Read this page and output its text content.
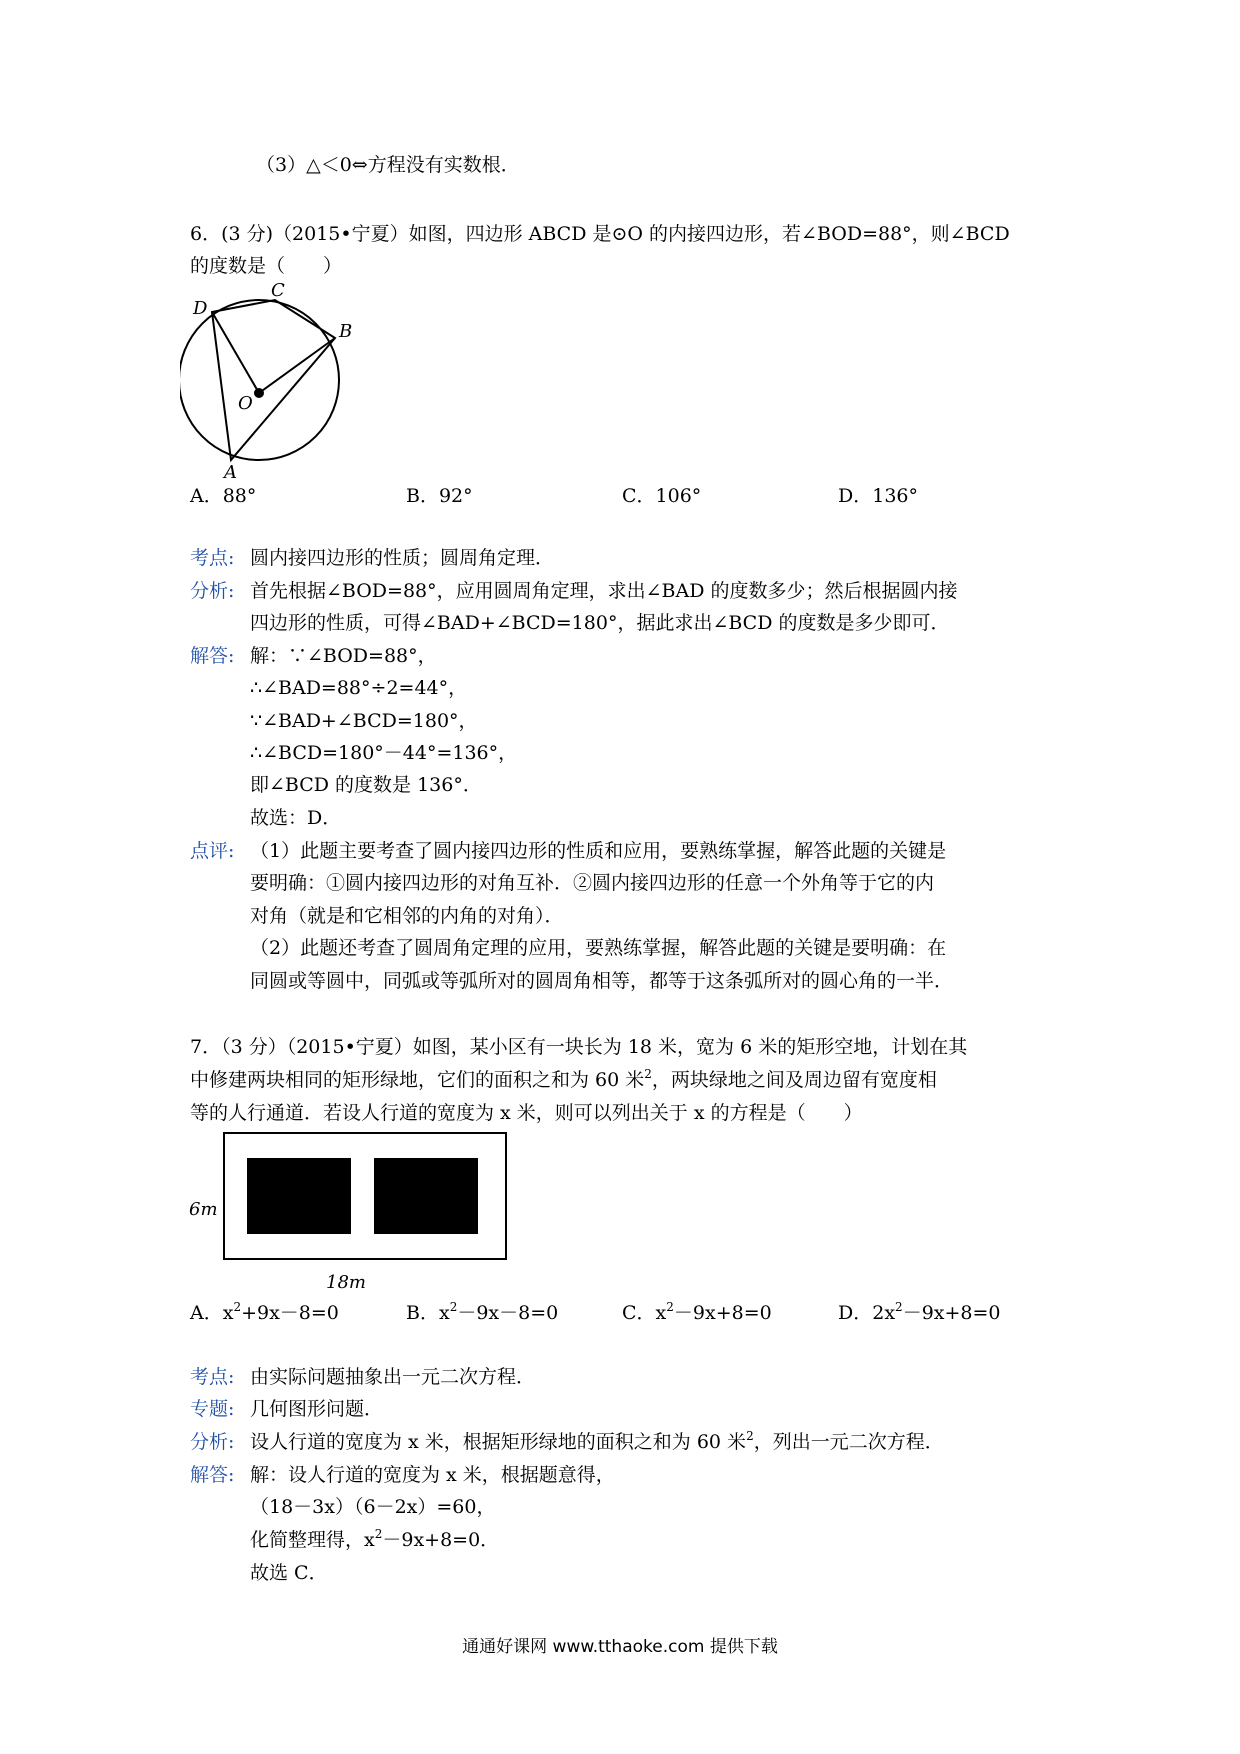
（3）△＜0⇔方程没有实数根．
6．(3 分)（2015•宁夏）如图，四边形 ABCD 是⊙O 的内接四边形，若∠BOD=88°，则∠BCD
的度数是（　　）
D
C
B
O
A
A．88°	B．92°	C．106°	D．136°
考点: 圆内接四边形的性质；圆周角定理．
分析: 首先根据∠BOD=88°，应用圆周角定理，求出∠BAD 的度数多少；然后根据圆内接
四边形的性质，可得∠BAD+∠BCD=180°，据此求出∠BCD 的度数是多少即可．
解答: 解：∵∠BOD=88°，
∴∠BAD=88°÷2=44°，
∵∠BAD+∠BCD=180°，
∴∠BCD=180°－44°=136°，
即∠BCD 的度数是 136°．
故选：D．
点评: （1）此题主要考查了圆内接四边形的性质和应用，要熟练掌握，解答此题的关键是
要明确：①圆内接四边形的对角互补．②圆内接四边形的任意一个外角等于它的内
对角（就是和它相邻的内角的对角）．
（2）此题还考查了圆周角定理的应用，要熟练掌握，解答此题的关键是要明确：在
同圆或等圆中，同弧或等弧所对的圆周角相等，都等于这条弧所对的圆心角的一半．
7．（3 分）（2015•宁夏）如图，某小区有一块长为 18 米，宽为 6 米的矩形空地，计划在其
中修建两块相同的矩形绿地，它们的面积之和为 60 米$^2$，两块绿地之间及周边留有宽度相
等的人行通道．若设人行道的宽度为 x 米，则可以列出关于 x 的方程是（　　）
6m
18m
A．$x^2+9x-8=0$	B．$x^2-9x-8=0$	C．$x^2-9x+8=0$	D．$2x^2-9x+8=0$
考点: 由实际问题抽象出一元二次方程．
专题: 几何图形问题．
分析: 设人行道的宽度为 x 米，根据矩形绿地的面积之和为 60 米$^2$，列出一元二次方程．
解答: 解：设人行道的宽度为 x 米，根据题意得，
（18－3x）（6－2x）=60，
化简整理得，$x^2-9x+8=0$．
故选 C．
通通好课网 www.tthaoke.com 提供下载
